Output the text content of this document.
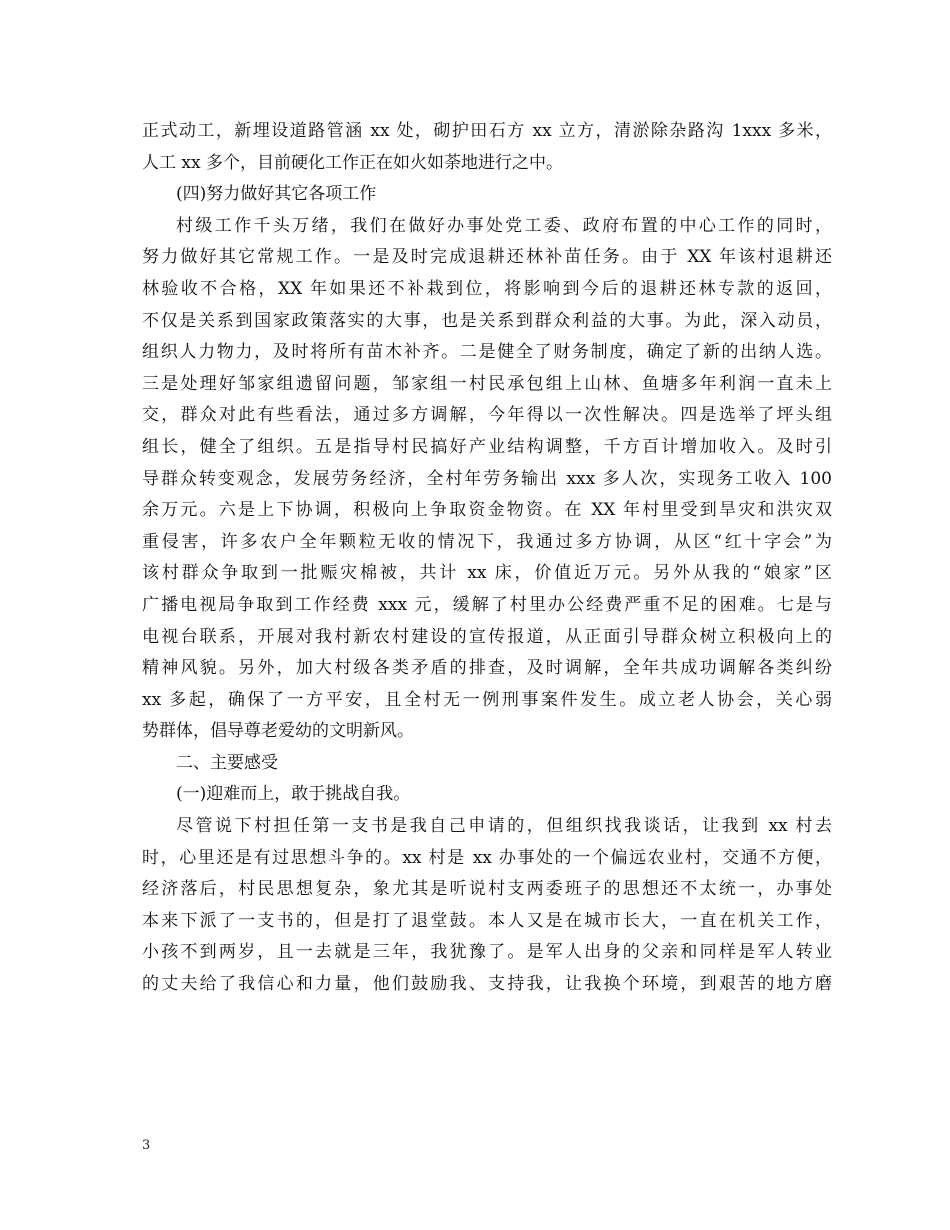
正式动工，新埋设道路管涵 xx 处，砌护田石方 xx 立方，清淤除杂路沟 1xxx 多米，
人工 xx 多个，目前硬化工作正在如火如荼地进行之中。
(四)努力做好其它各项工作
村级工作千头万绪，我们在做好办事处党工委、政府布置的中心工作的同时，
努力做好其它常规工作。一是及时完成退耕还林补苗任务。由于 XX 年该村退耕还
林验收不合格，XX 年如果还不补栽到位，将影响到今后的退耕还林专款的返回，
不仅是关系到国家政策落实的大事，也是关系到群众利益的大事。为此，深入动员，
组织人力物力，及时将所有苗木补齐。二是健全了财务制度，确定了新的出纳人选。
三是处理好邹家组遗留问题，邹家组一村民承包组上山林、鱼塘多年利润一直未上
交，群众对此有些看法，通过多方调解，今年得以一次性解决。四是选举了坪头组
组长，健全了组织。五是指导村民搞好产业结构调整，千方百计增加收入。及时引
导群众转变观念，发展劳务经济，全村年劳务输出 xxx 多人次，实现务工收入 100
余万元。六是上下协调，积极向上争取资金物资。在 XX 年村里受到旱灾和洪灾双
重侵害，许多农户全年颗粒无收的情况下，我通过多方协调，从区“红十字会”为
该村群众争取到一批赈灾棉被，共计 xx 床，价值近万元。另外从我的“娘家”区
广播电视局争取到工作经费 xxx 元，缓解了村里办公经费严重不足的困难。七是与
电视台联系，开展对我村新农村建设的宣传报道，从正面引导群众树立积极向上的
精神风貌。另外，加大村级各类矛盾的排查，及时调解，全年共成功调解各类纠纷
xx 多起，确保了一方平安，且全村无一例刑事案件发生。成立老人协会，关心弱
势群体，倡导尊老爱幼的文明新风。
二、主要感受
(一)迎难而上，敢于挑战自我。
尽管说下村担任第一支书是我自己申请的，但组织找我谈话，让我到 xx 村去
时，心里还是有过思想斗争的。xx 村是 xx 办事处的一个偏远农业村，交通不方便，
经济落后，村民思想复杂，象尤其是听说村支两委班子的思想还不太统一，办事处
本来下派了一支书的，但是打了退堂鼓。本人又是在城市长大，一直在机关工作，
小孩不到两岁，且一去就是三年，我犹豫了。是军人出身的父亲和同样是军人转业
的丈夫给了我信心和力量，他们鼓励我、支持我，让我换个环境，到艰苦的地方磨
3
